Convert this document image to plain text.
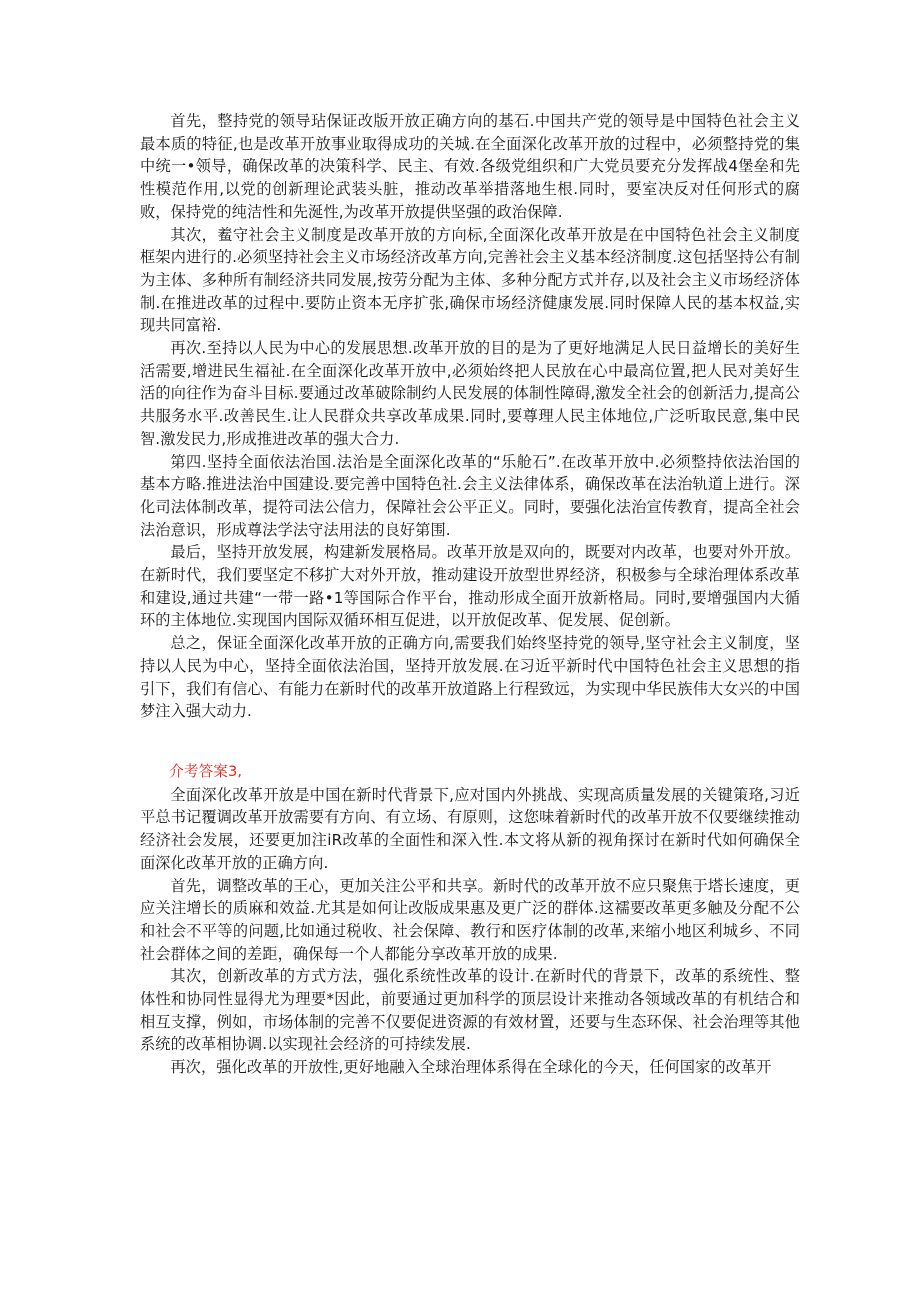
首先，整持党的领导玷保证改版开放正确方向的基石.中国共产党的领导是中国特色社会主义最本质的特征,也是改革开放事业取得成功的关城.在全面深化改革开放的过程中，必须整持党的集中统一•领导，确保改革的决策科学、民主、有效.各级党组织和广大党员要充分发挥战4堡垒和先性模范作用,以党的创新理论武装头脏，推动改革举措落地生根.同时，要室决反对任何形式的腐败，保持党的纯洁性和先涎性,为改革开放提供坚强的政治保障.

其次，鲝守社会主义制度是改革开放的方向标,全面深化改革开放是在中国特色社会主义制度框架内进行的.必须坚持社会主义市场经济改革方向,完善社会主义基本经济制度.这包括坚持公有制为主体、多种所有制经济共同发展,按劳分配为主体、多种分配方式并存,以及社会主义市场经济体制.在推进改革的过程中.要防止资本无序扩张,确保市场经济健康发展.同时保障人民的基本权益,实现共同富裕.

再次.至持以人民为中心的发展思想.改革开放的目的是为了更好地满足人民日益增长的美好生活需要,增进民生福祉.在全面深化改革开放中,必须始终把人民放在心中最高位置,把人民对美好生活的向往作为奋斗目标.要通过改革破除制约人民发展的体制性障碍,激发全社会的创新活力,提高公共服务水平.改善民生.让人民群众共享改革成果.同时,要尊理人民主体地位,广泛听取民意,集中民智.激发民力,形成推进改革的强大合力.

第四.坚持全面依法治国.法治是全面深化改革的“乐舱石”.在改革开放中.必须整持依法治国的基本方略.推进法治中国建设.要完善中国特色社.会主义法律体系，确保改革在法治轨道上进行。深化司法体制改革，提符司法公信力，保障社会公平正义。同时，要强化法治宣传教育，提高全社会法治意识，形成尊法学法守法用法的良好第围.

最后，坚持开放发展，构建新发展格局。改革开放是双向的，既要对内改革，也要对外开放。在新时代，我们要坚定不移扩大对外开放，推动建设开放型世界经济，积极参与全球治理体系改革和建设,通过共建“一带一路•1等国际合作平台，推动形成全面开放新格局。同时,要增强国内大循环的主体地位.实现国内国际双循环相互促进，以开放促改革、促发展、促创新。

总之，保证全面深化改革开放的正确方向,需要我们始终坚持党的领导,坚守社会主义制度，坚持以人民为中心，坚持全面依法治国，坚持开放发展.在习近平新时代中国特色社会主义思想的指引下，我们有信心、有能力在新时代的改革开放道路上行程致远，为实现中华民族伟大女兴的中国梦注入强大动力.

介考答案3,

全面深化改革开放是中国在新时代背景下,应对国内外挑战、实现高质量发展的关键策珞,习近平总书记覆调改革开放需要有方向、有立场、有原则，这您味着新时代的改革开放不仅要继续推动经济社会发展，还要更加注iR改革的全面性和深入性.本文将从新的视角探讨在新时代如何确保全面深化改革开放的正确方向.

首先，调整改革的王心，更加关注公平和共享。新时代的改革开放不应只聚焦于塔长速度，更应关注增长的质麻和效益.尤其是如何让改版成果惠及更广泛的群体.这襦要改革更多触及分配不公和社会不平等的问题,比如通过税收、社会保障、教行和医疗体制的改革,来缩小地区利城乡、不同社会群体之间的差距，确保每一个人都能分享改革开放的成果.

其次，创新改革的方式方法，强化系统性改革的设计.在新时代的背景下，改革的系统性、整体性和协同性显得尤为理要*因此，前要通过更加科学的顶层设计来推动各领域改革的有机结合和相互支撑，例如，市场体制的完善不仅要促进资源的有效材置，还要与生态环保、社会治理等其他系统的改革相协调.以实现社会经济的可持续发展.

再次，强化改革的开放性,更好地融入全球治理体系得在全球化的今天，任何国家的改革开
